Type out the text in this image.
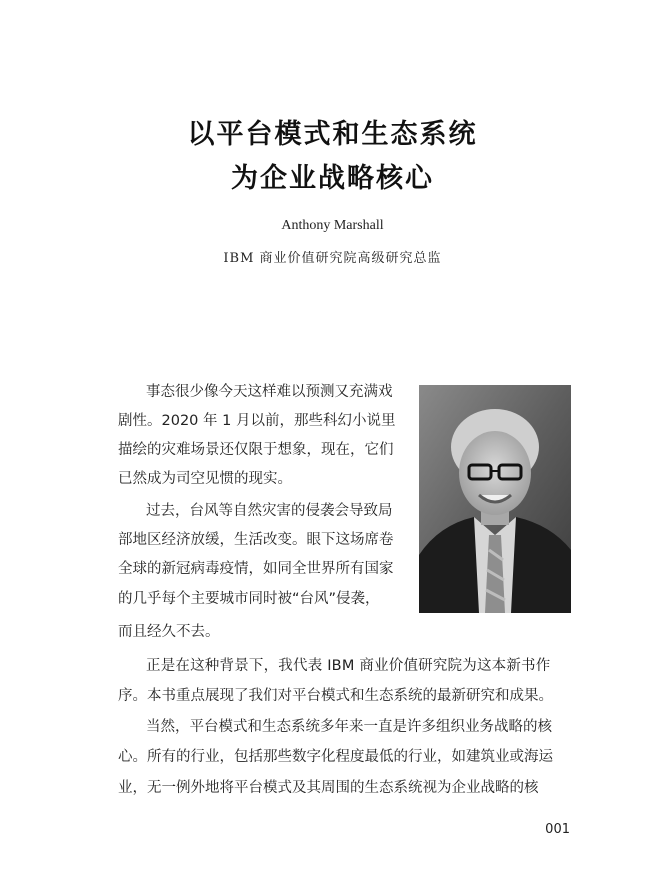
以平台模式和生态系统
为企业战略核心
Anthony Marshall
IBM 商业价值研究院高级研究总监
事态很少像今天这样难以预测又充满戏
剧性。2020 年 1 月以前，那些科幻小说里
描绘的灾难场景还仅限于想象，现在，它们
已然成为司空见惯的现实。
过去，台风等自然灾害的侵袭会导致局
部地区经济放缓，生活改变。眼下这场席卷
全球的新冠病毒疫情，如同全世界所有国家
的几乎每个主要城市同时被“台风”侵袭，
而且经久不去。
正是在这种背景下，我代表 IBM 商业价值研究院为这本新书作
序。本书重点展现了我们对平台模式和生态系统的最新研究和成果。
当然，平台模式和生态系统多年来一直是许多组织业务战略的核
心。所有的行业，包括那些数字化程度最低的行业，如建筑业或海运
业，无一例外地将平台模式及其周围的生态系统视为企业战略的核
001
